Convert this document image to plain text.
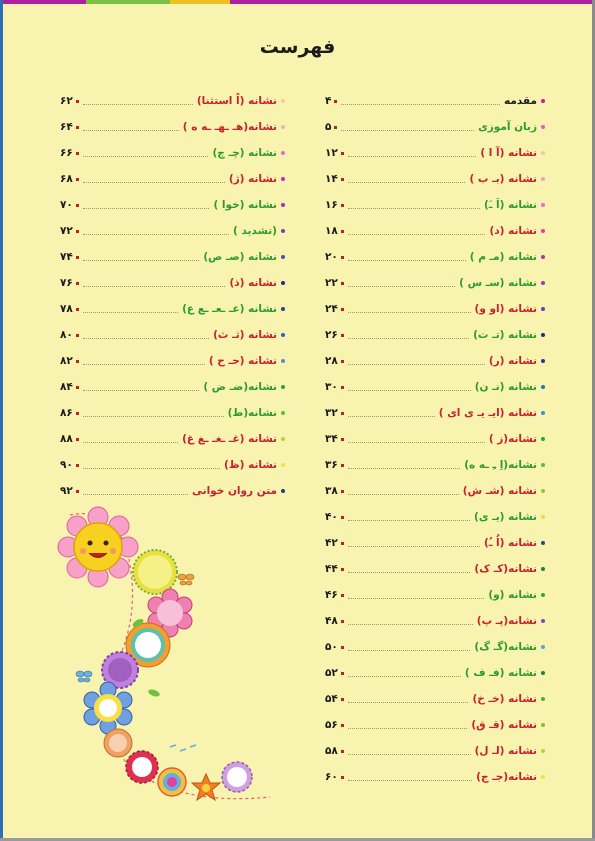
فهرست
مقدمه
۴
زبان آموزی
۵
نشانه (آ ا )
۱۲
نشانه (بـ ب )
۱۴
نشانه (اَ ـَ)
۱۶
نشانه (د)
۱۸
نشانه (مـ م )
۲۰
نشانه (سـ س )
۲۲
نشانه (او و)
۲۴
نشانه (تـ ت)
۲۶
نشانه (ر)
۲۸
نشانه (نـ ن)
۳۰
نشانه (ایـ یـ ی ای )
۳۲
نشانه(ز )
۳۴
نشانه(اِ ـِ ـه ه)
۳۶
نشانه (شـ ش)
۳۸
نشانه (یـ ی)
۴۰
نشانه (اُ ـُ)
۴۲
نشانه(کـ ک)
۴۴
نشانه (و)
۴۶
نشانه(پـ پ)
۴۸
نشانه(گـ گ)
۵۰
نشانه (فـ ف )
۵۲
نشانه (خـ خ)
۵۴
نشانه (قـ ق)
۵۶
نشانه (لـ ل)
۵۸
نشانه(جـ ج)
۶۰
نشانه (اً استثنا)
۶۲
نشانه(هـ ـهـ ـه ه )
۶۴
نشانه (چـ چ)
۶۶
نشانه (ژ)
۶۸
نشانه (خوا )
۷۰
(تشدید )
۷۲
نشانه (صـ ص)
۷۴
نشانه (ذ)
۷۶
نشانه (عـ ـعـ ـع ع)
۷۸
نشانه (ثـ ث)
۸۰
نشانه (حـ ح )
۸۲
نشانه(ضـ ض )
۸۴
نشانه(ط)
۸۶
نشانه (غـ ـغـ ـغ غ)
۸۸
نشانه (ظ)
۹۰
متن روان خوانی
۹۲
